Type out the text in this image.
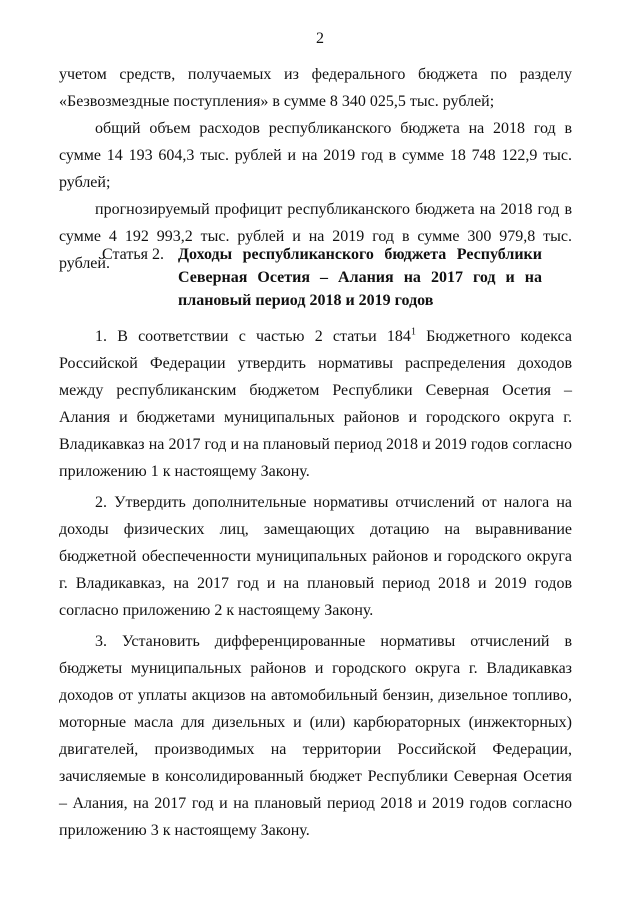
2

учетом средств, получаемых из федерального бюджета по разделу «Безвозмездные поступления» в сумме 8 340 025,5 тыс. рублей;

общий объем расходов республиканского бюджета на 2018 год в сумме 14 193 604,3 тыс. рублей и на 2019 год в сумме 18 748 122,9 тыс. рублей;

прогнозируемый профицит республиканского бюджета на 2018 год в сумме 4 192 993,2 тыс. рублей и на 2019 год в сумме 300 979,8 тыс. рублей.

Статья 2. Доходы республиканского бюджета Республики Северная Осетия – Алания на 2017 год и на плановый период 2018 и 2019 годов

1. В соответствии с частью 2 статьи $184^1$ Бюджетного кодекса Российской Федерации утвердить нормативы распределения доходов между республиканским бюджетом Республики Северная Осетия – Алания и бюджетами муниципальных районов и городского округа г. Владикавказ на 2017 год и на плановый период 2018 и 2019 годов согласно приложению 1 к настоящему Закону.

2. Утвердить дополнительные нормативы отчислений от налога на доходы физических лиц, замещающих дотацию на выравнивание бюджетной обеспеченности муниципальных районов и городского округа г. Владикавказ, на 2017 год и на плановый период 2018 и 2019 годов согласно приложению 2 к настоящему Закону.

3. Установить дифференцированные нормативы отчислений в бюджеты муниципальных районов и городского округа г. Владикавказ доходов от уплаты акцизов на автомобильный бензин, дизельное топливо, моторные масла для дизельных и (или) карбюраторных (инжекторных) двигателей, производимых на территории Российской Федерации, зачисляемые в консолидированный бюджет Республики Северная Осетия – Алания, на 2017 год и на плановый период 2018 и 2019 годов согласно приложению 3 к настоящему Закону.
